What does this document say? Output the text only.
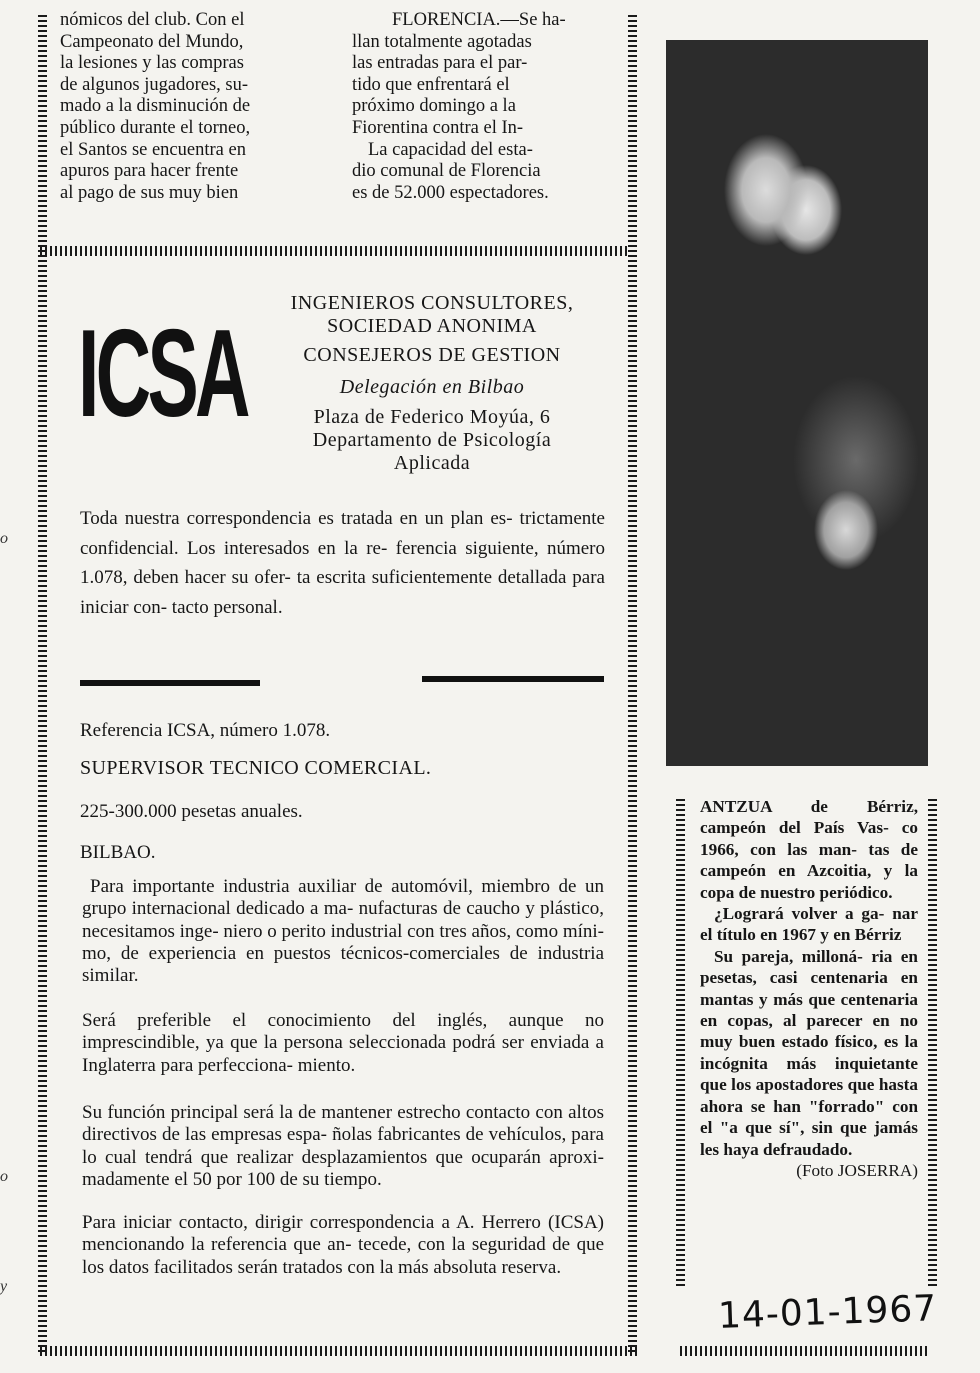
nómicos del club. Con el

Campeonato del Mundo,

la lesiones y las compras

de algunos jugadores, su-

mado a la disminución de

público durante el torneo,

el Santos se encuentra en

apuros para hacer frente

al pago de sus muy bien

FLORENCIA.—Se ha-

llan totalmente agotadas

las entradas para el par-

tido que enfrentará el

próximo domingo a la

Fiorentina contra el In-

La capacidad del esta-

dio comunal de Florencia

es de 52.000 espectadores.

ICSA
INGENIEROS CONSULTORES,
SOCIEDAD ANONIMA
CONSEJEROS DE GESTION
Delegación en Bilbao
Plaza de Federico Moyúa, 6
Departamento de Psicología
Aplicada
Toda nuestra correspondencia es tratada en un plan es- trictamente confidencial. Los interesados en la re- ferencia siguiente, número 1.078, deben hacer su ofer- ta escrita suficientemente detallada para iniciar con- tacto personal.
Referencia ICSA, número 1.078.
SUPERVISOR TECNICO COMERCIAL.
225-300.000 pesetas anuales.
BILBAO.
Para importante industria auxiliar de automóvil, miembro de un grupo internacional dedicado a ma- nufacturas de caucho y plástico, necesitamos inge- niero o perito industrial con tres años, como míni- mo, de experiencia en puestos técnicos-comerciales de industria similar.
Será preferible el conocimiento del inglés, aunque no imprescindible, ya que la persona seleccionada podrá ser enviada a Inglaterra para perfecciona- miento.
Su función principal será la de mantener estrecho contacto con altos directivos de las empresas espa- ñolas fabricantes de vehículos, para lo cual tendrá que realizar desplazamientos que ocuparán aproxi- madamente el 50 por 100 de su tiempo.
Para iniciar contacto, dirigir correspondencia a A. Herrero (ICSA) mencionando la referencia que an- tecede, con la seguridad de que los datos facilitados serán tratados con la más absoluta reserva.

ANTZUA de Bérriz, campeón del País Vas- co 1966, con las man- tas de campeón en Azcoitia, y la copa de nuestro periódico.

¿Logrará volver a ga- nar el título en 1967 y en Bérriz

Su pareja, milloná- ria en pesetas, casi centenaria en mantas y más que centenaria en copas, al parecer en no muy buen estado físico, es la incógnita más inquietante que los apostadores que hasta ahora se han "forrado" con el "a que sí", sin que jamás les haya defraudado.

(Foto JOSERRA)

14-01-1967
o
o
y
